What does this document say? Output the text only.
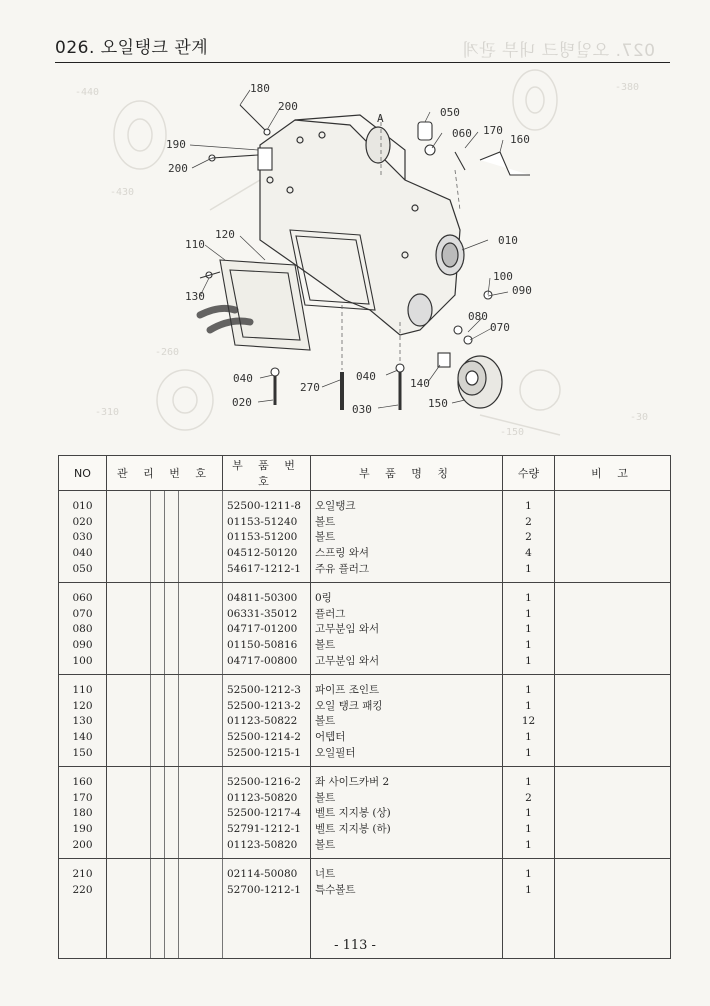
027. 오일탱크 내부 관계
026. 오일탱크 관계
-440	-380
-430
-260
-310
-150
-30
180
200
190
200
120
110
130
050
060 170
160
010
100
090
080
070
040	040
270
020
030
140
150
A
NO	관 리 번 호				부 품 번 호	부 품 명 칭	수량	비 고

010					52500-1211-8	오일탱크	1	
020					01153-51240	볼트	2	
030					01153-51200	볼트	2	
040					04512-50120	스프링 와셔	4	
050					54617-1212-1	주유 플러그	1	

060					04811-50300	0링	1	
070					06331-35012	플러그	1	
080					04717-01200	고무분임 와서	1	
090					01150-50816	볼트	1	
100					04717-00800	고무분임 와서	1	

110					52500-1212-3	파이프 조인트	1	
120					52500-1213-2	오일 탱크 패킹	1	
130					01123-50822	볼트	12	
140					52500-1214-2	어텝터	1	
150					52500-1215-1	오일필터	1	

160					52500-1216-2	좌 사이드카버 2	1	
170					01123-50820	볼트	2	
180					52500-1217-4	벨트 지지봉 (상)	1	
190					52791-1212-1	벨트 지지봉 (하)	1	
200					01123-50820	볼트	1	

210					02114-50080	너트	1	
220					52700-1212-1	특수볼트	1	

- 113 -
